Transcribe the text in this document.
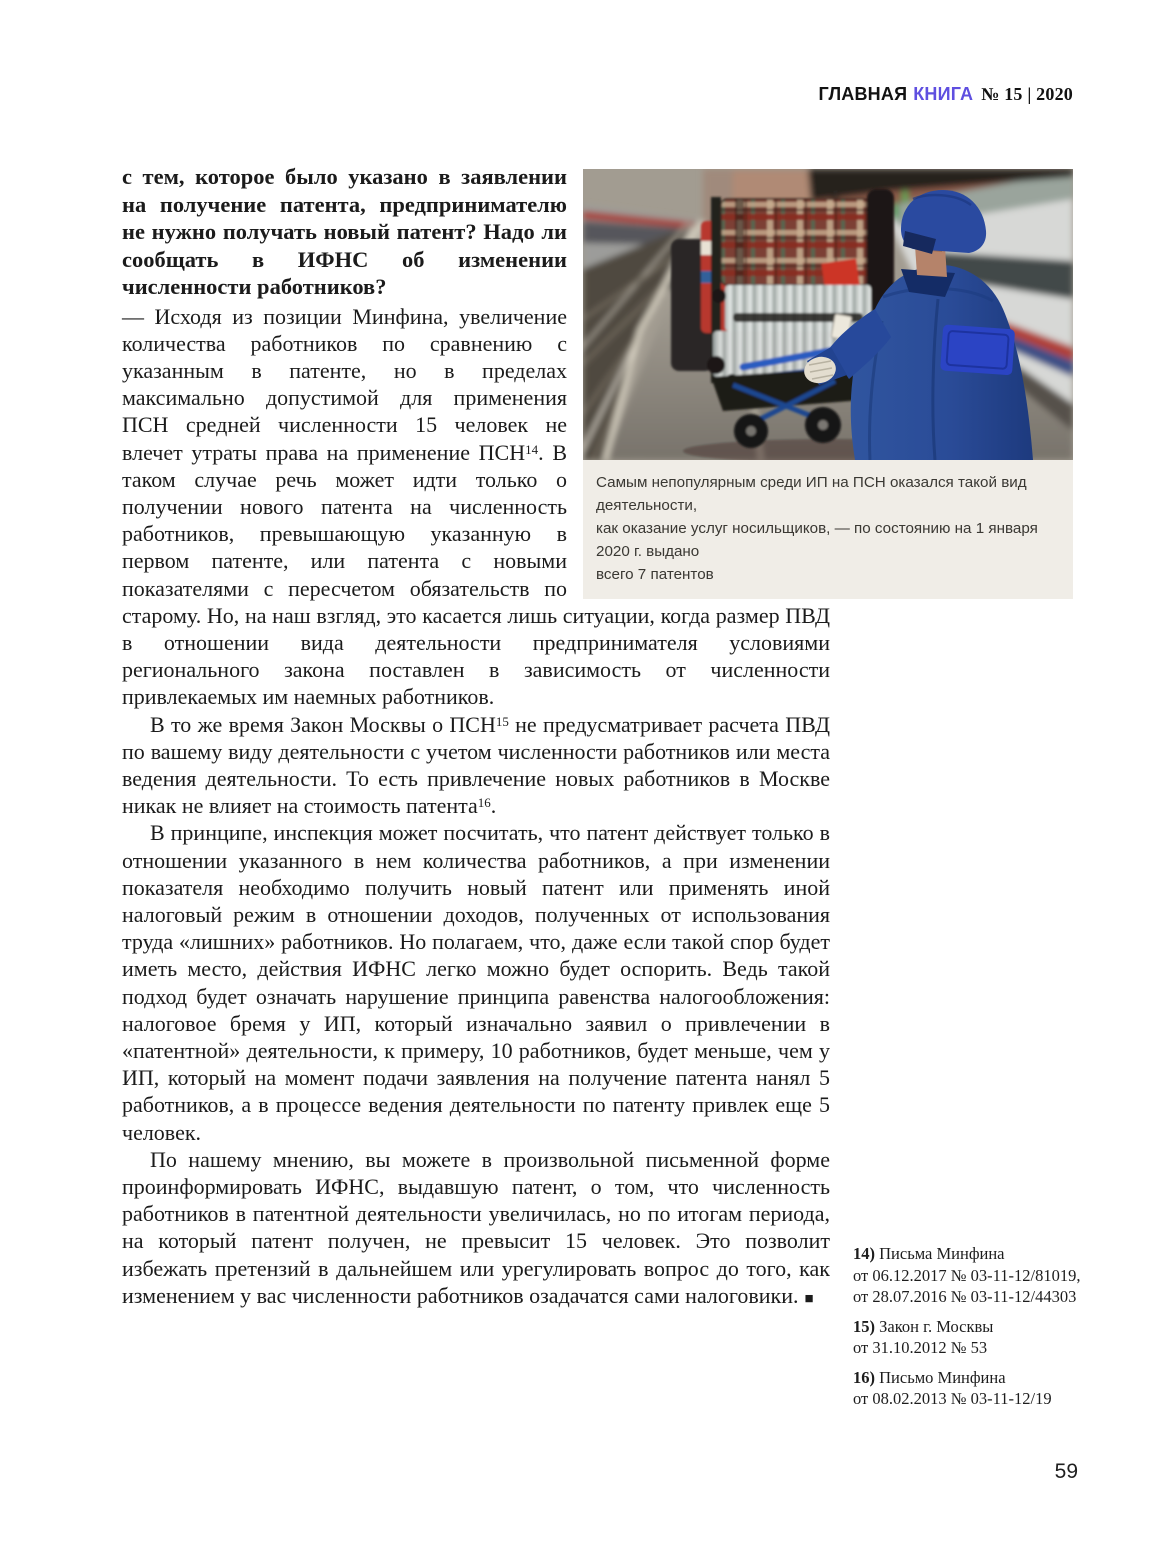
ГЛАВНАЯ КНИГА № 15 | 2020

с тем, которое было указано в заявлении на получение патента, предпринимателю не нужно получать новый патент? Надо ли сообщать в ИФНС об изменении численности работников?

— Исходя из позиции Минфина, увеличение количества работников по сравнению с указанным в патенте, но в пределах максимально допустимой для применения ПСН средней численности 15 человек не влечет утраты права на применение ПСН$^{14}$. В таком случае речь может идти только о получении нового патента на численность работников, превышающую указанную в первом патенте, или патента с новыми показателями с пересчетом обязательств по старому. Но, на наш взгляд, это касается лишь ситуации, когда размер ПВД в отношении вида деятельности предпринимателя условиями регионального закона поставлен в зависимость от численности привлекаемых им наемных работников.

В то же время Закон Москвы о ПСН$^{15}$ не предусматривает расчета ПВД по вашему виду деятельности с учетом численности работников или места ведения деятельности. То есть привлечение новых работников в Москве никак не влияет на стоимость патента$^{16}$.

В принципе, инспекция может посчитать, что патент действует только в отношении указанного в нем количества работников, а при изменении показателя необходимо получить новый патент или применять иной налоговый режим в отношении доходов, полученных от использования труда «лишних» работников. Но полагаем, что, даже если такой спор будет иметь место, действия ИФНС легко можно будет оспорить. Ведь такой подход будет означать нарушение принципа равенства налогообложения: налоговое бремя у ИП, который изначально заявил о привлечении в «патентной» деятельности, к примеру, 10 работников, будет меньше, чем у ИП, который на момент подачи заявления на получение патента нанял 5 работников, а в процессе ведения деятельности по патенту привлек еще 5 человек.

По нашему мнению, вы можете в произвольной письменной форме проинформировать ИФНС, выдавшую патент, о том, что численность работников в патентной деятельности увеличилась, но по итогам периода, на который патент получен, не превысит 15 человек. Это позволит избежать претензий в дальнейшем или урегулировать вопрос до того, как изменением у вас численности работников озадачатся сами налоговики. ■

Самым непопулярным среди ИП на ПСН оказался такой вид деятельности,
как оказание услуг носильщиков, — по состоянию на 1 января 2020 г. выдано
всего 7 патентов
14) Письма Минфина
от 06.12.2017 № 03-11-12/81019,
от 28.07.2016 № 03-11-12/44303
15) Закон г. Москвы
от 31.10.2012 № 53
16) Письмо Минфина
от 08.02.2013 № 03-11-12/19
59
